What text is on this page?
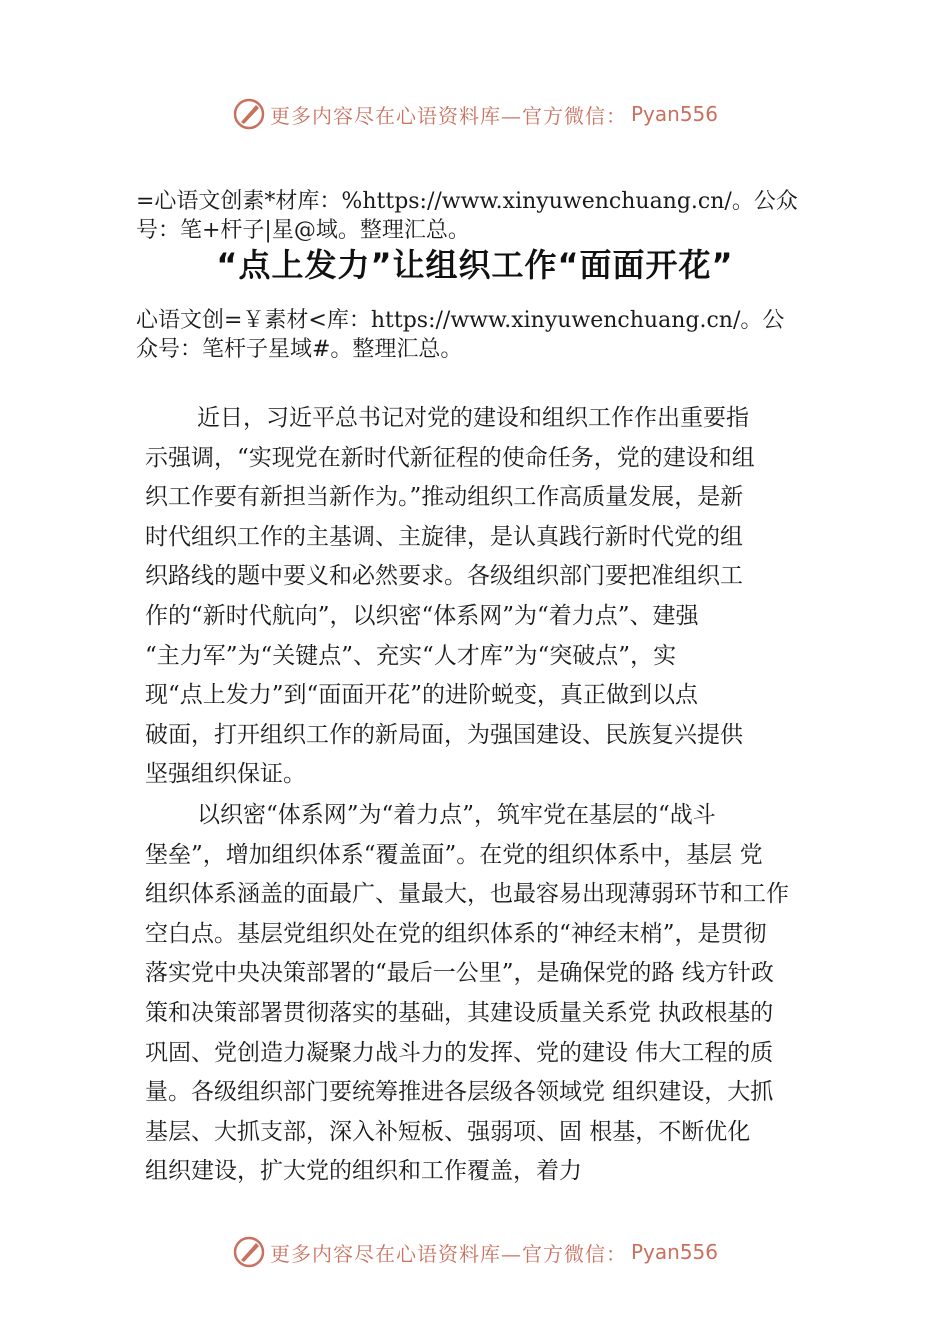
更多内容尽在心语资料库—官方微信： Pyan556
=心语文创素*材库：%https://www.xinyuwenchuang.cn/。公众
号：笔+杆子|星@域。整理汇总。
“点上发力”让组织工作“面面开花”
心语文创=￥素材<库：https://www.xinyuwenchuang.cn/。公
众号：笔杆子星域#。整理汇总。
近日，习近平总书记对党的建设和组织工作作出重要指
示强调，“实现党在新时代新征程的使命任务，党的建设和组
织工作要有新担当新作为。”推动组织工作高质量发展，是新
时代组织工作的主基调、主旋律，是认真践行新时代党的组
织路线的题中要义和必然要求。各级组织部门要把准组织工
作的“新时代航向”，以织密“体系网”为“着力点”、建强
“主力军”为“关键点”、充实“人才库”为“突破点”，实
现“点上发力”到“面面开花”的进阶蜕变，真正做到以点
破面，打开组织工作的新局面，为强国建设、民族复兴提供
坚强组织保证。
以织密“体系网”为“着力点”，筑牢党在基层的“战斗
堡垒”，增加组织体系“覆盖面”。在党的组织体系中，基层 党
组织体系涵盖的面最广、量最大，也最容易出现薄弱环节和工作
空白点。基层党组织处在党的组织体系的“神经末梢”，是贯彻
落实党中央决策部署的“最后一公里”，是确保党的路 线方针政
策和决策部署贯彻落实的基础，其建设质量关系党 执政根基的
巩固、党创造力凝聚力战斗力的发挥、党的建设 伟大工程的质
量。各级组织部门要统筹推进各层级各领域党 组织建设，大抓
基层、大抓支部，深入补短板、强弱项、固 根基，不断优化
组织建设，扩大党的组织和工作覆盖，着力
更多内容尽在心语资料库—官方微信： Pyan556
